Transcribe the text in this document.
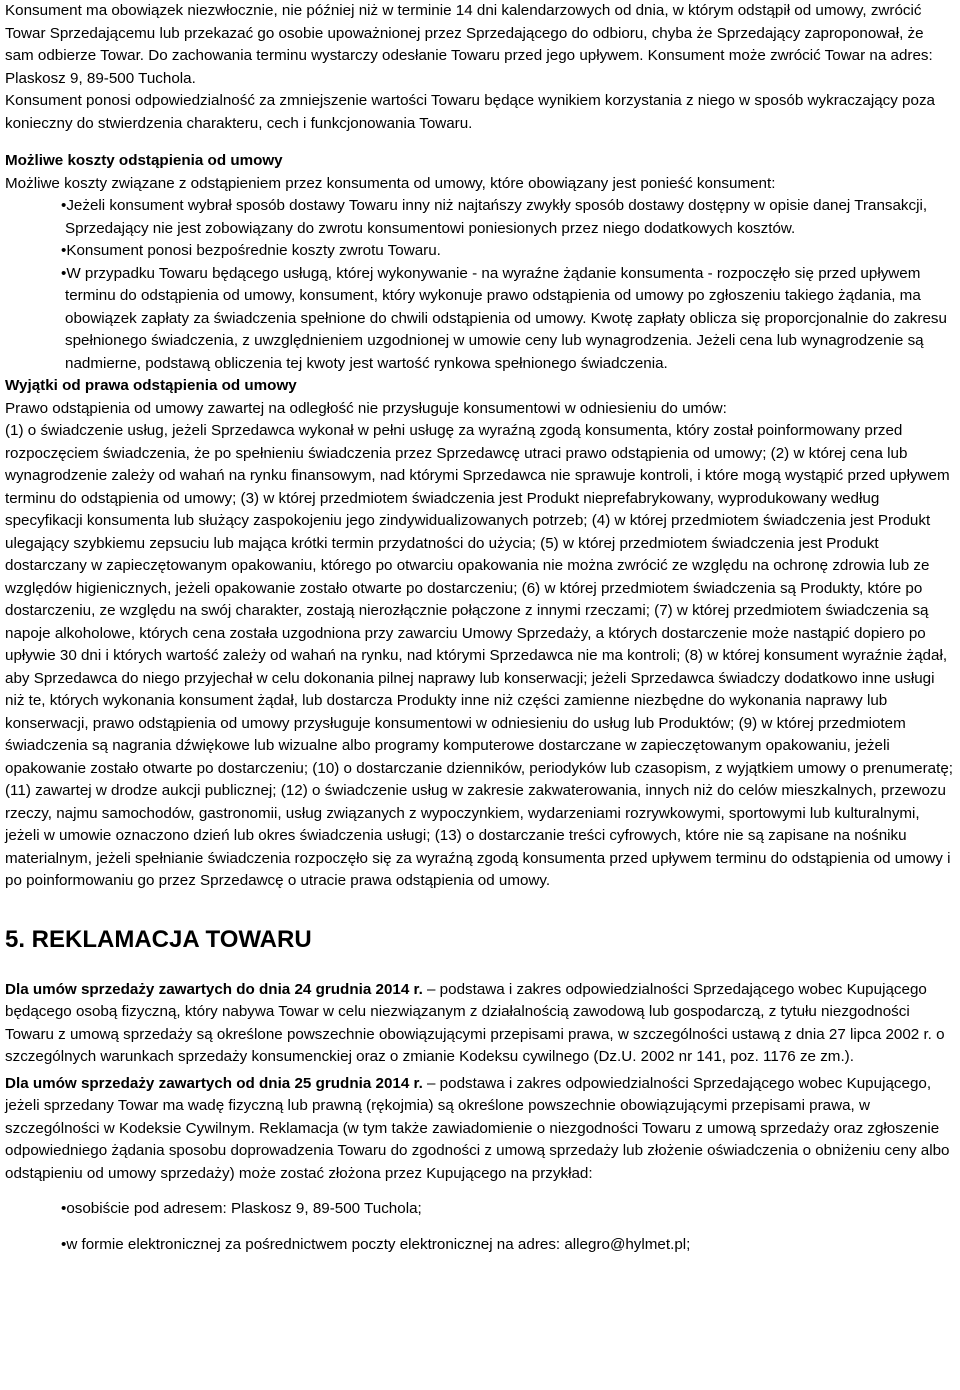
Konsument ma obowiązek niezwłocznie, nie później niż w terminie 14 dni kalendarzowych od dnia, w którym odstąpił od umowy, zwrócić Towar Sprzedającemu lub przekazać go osobie upoważnionej przez Sprzedającego do odbioru, chyba że Sprzedający zaproponował, że sam odbierze Towar. Do zachowania terminu wystarczy odesłanie Towaru przed jego upływem. Konsument może zwrócić Towar na adres: Plaskosz 9, 89-500 Tuchola.

Konsument ponosi odpowiedzialność za zmniejszenie wartości Towaru będące wynikiem korzystania z niego w sposób wykraczający poza konieczny do stwierdzenia charakteru, cech i funkcjonowania Towaru.

Możliwe koszty odstąpienia od umowy

Możliwe koszty związane z odstąpieniem przez konsumenta od umowy, które obowiązany jest ponieść konsument:

•Jeżeli konsument wybrał sposób dostawy Towaru inny niż najtańszy zwykły sposób dostawy dostępny w opisie danej Transakcji, Sprzedający nie jest zobowiązany do zwrotu konsumentowi poniesionych przez niego dodatkowych kosztów.

•Konsument ponosi bezpośrednie koszty zwrotu Towaru.

•W przypadku Towaru będącego usługą, której wykonywanie - na wyraźne żądanie konsumenta - rozpoczęło się przed upływem terminu do odstąpienia od umowy, konsument, który wykonuje prawo odstąpienia od umowy po zgłoszeniu takiego żądania, ma obowiązek zapłaty za świadczenia spełnione do chwili odstąpienia od umowy. Kwotę zapłaty oblicza się proporcjonalnie do zakresu spełnionego świadczenia, z uwzględnieniem uzgodnionej w umowie ceny lub wynagrodzenia. Jeżeli cena lub wynagrodzenie są nadmierne, podstawą obliczenia tej kwoty jest wartość rynkowa spełnionego świadczenia.

Wyjątki od prawa odstąpienia od umowy

Prawo odstąpienia od umowy zawartej na odległość nie przysługuje konsumentowi w odniesieniu do umów:

(1) o świadczenie usług, jeżeli Sprzedawca wykonał w pełni usługę za wyraźną zgodą konsumenta, który został poinformowany przed rozpoczęciem świadczenia, że po spełnieniu świadczenia przez Sprzedawcę utraci prawo odstąpienia od umowy; (2) w której cena lub wynagrodzenie zależy od wahań na rynku finansowym, nad którymi Sprzedawca nie sprawuje kontroli, i które mogą wystąpić przed upływem terminu do odstąpienia od umowy; (3) w której przedmiotem świadczenia jest Produkt nieprefabrykowany, wyprodukowany według specyfikacji konsumenta lub służący zaspokojeniu jego zindywidualizowanych potrzeb; (4) w której przedmiotem świadczenia jest Produkt ulegający szybkiemu zepsuciu lub mająca krótki termin przydatności do użycia; (5) w której przedmiotem świadczenia jest Produkt dostarczany w zapieczętowanym opakowaniu, którego po otwarciu opakowania nie można zwrócić ze względu na ochronę zdrowia lub ze względów higienicznych, jeżeli opakowanie zostało otwarte po dostarczeniu; (6) w której przedmiotem świadczenia są Produkty, które po dostarczeniu, ze względu na swój charakter, zostają nierozłącznie połączone z innymi rzeczami; (7) w której przedmiotem świadczenia są napoje alkoholowe, których cena została uzgodniona przy zawarciu Umowy Sprzedaży, a których dostarczenie może nastąpić dopiero po upływie 30 dni i których wartość zależy od wahań na rynku, nad którymi Sprzedawca nie ma kontroli; (8) w której konsument wyraźnie żądał, aby Sprzedawca do niego przyjechał w celu dokonania pilnej naprawy lub konserwacji; jeżeli Sprzedawca świadczy dodatkowo inne usługi niż te, których wykonania konsument żądał, lub dostarcza Produkty inne niż części zamienne niezbędne do wykonania naprawy lub konserwacji, prawo odstąpienia od umowy przysługuje konsumentowi w odniesieniu do usług lub Produktów; (9) w której przedmiotem świadczenia są nagrania dźwiękowe lub wizualne albo programy komputerowe dostarczane w zapieczętowanym opakowaniu, jeżeli opakowanie zostało otwarte po dostarczeniu; (10) o dostarczanie dzienników, periodyków lub czasopism, z wyjątkiem umowy o prenumeratę; (11) zawartej w drodze aukcji publicznej; (12) o świadczenie usług w zakresie zakwaterowania, innych niż do celów mieszkalnych, przewozu rzeczy, najmu samochodów, gastronomii, usług związanych z wypoczynkiem, wydarzeniami rozrywkowymi, sportowymi lub kulturalnymi, jeżeli w umowie oznaczono dzień lub okres świadczenia usługi; (13) o dostarczanie treści cyfrowych, które nie są zapisane na nośniku materialnym, jeżeli spełnianie świadczenia rozpoczęło się za wyraźną zgodą konsumenta przed upływem terminu do odstąpienia od umowy i po poinformowaniu go przez Sprzedawcę o utracie prawa odstąpienia od umowy.

5. REKLAMACJA TOWARU

Dla umów sprzedaży zawartych do dnia 24 grudnia 2014 r. – podstawa i zakres odpowiedzialności Sprzedającego wobec Kupującego będącego osobą fizyczną, który nabywa Towar w celu niezwiązanym z działalnością zawodową lub gospodarczą, z tytułu niezgodności Towaru z umową sprzedaży są określone powszechnie obowiązującymi przepisami prawa, w szczególności ustawą z dnia 27 lipca 2002 r. o szczególnych warunkach sprzedaży konsumenckiej oraz o zmianie Kodeksu cywilnego (Dz.U. 2002 nr 141, poz. 1176 ze zm.).

Dla umów sprzedaży zawartych od dnia 25 grudnia 2014 r. – podstawa i zakres odpowiedzialności Sprzedającego wobec Kupującego, jeżeli sprzedany Towar ma wadę fizyczną lub prawną (rękojmia) są określone powszechnie obowiązującymi przepisami prawa, w szczególności w Kodeksie Cywilnym. Reklamacja (w tym także zawiadomienie o niezgodności Towaru z umową sprzedaży oraz zgłoszenie odpowiedniego żądania sposobu doprowadzenia Towaru do zgodności z umową sprzedaży lub złożenie oświadczenia o obniżeniu ceny albo odstąpieniu od umowy sprzedaży) może zostać złożona przez Kupującego na przykład:

•osobiście pod adresem: Plaskosz 9, 89-500 Tuchola;

•w formie elektronicznej za pośrednictwem poczty elektronicznej na adres: allegro@hylmet.pl;
